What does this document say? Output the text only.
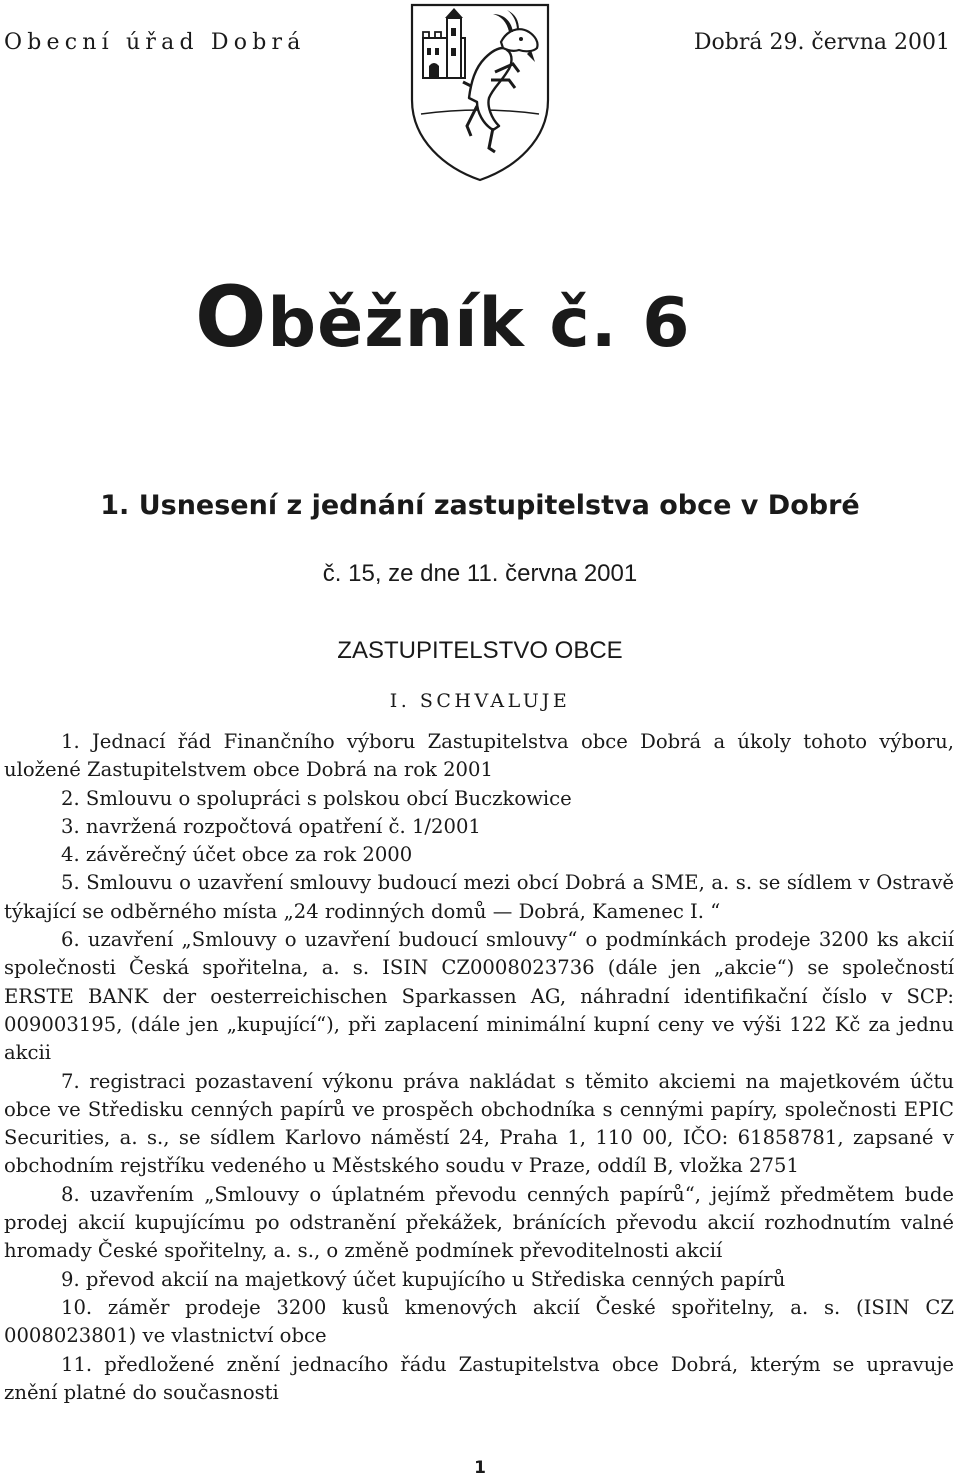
Obecní úřad Dobrá	Dobrá 29. června 2001
Oběžník č. 6
1. Usnesení z jednání zastupitelstva obce v Dobré
č. 15, ze dne 11. června 2001
ZASTUPITELSTVO OBCE
I. SCHVALUJE

1. Jednací řád Finančního výboru Zastupitelstva obce Dobrá a úkoly tohoto výboru, uložené Zastupitelstvem obce Dobrá na rok 2001

2. Smlouvu o spolupráci s polskou obcí Buczkowice

3. navržená rozpočtová opatření č. 1/2001

4. závěrečný účet obce za rok 2000

5. Smlouvu o uzavření smlouvy budoucí mezi obcí Dobrá a SME, a. s. se sídlem v Ostravě týkající se odběrného místa „24 rodinných domů — Dobrá, Kamenec I. “

6. uzavření „Smlouvy o uzavření budoucí smlouvy“ o podmínkách prodeje 3200 ks akcií společnosti Česká spořitelna, a. s. ISIN CZ0008023736 (dále jen „akcie“) se společností ERSTE BANK der oesterreichischen Sparkassen AG, náhradní identifikační číslo v SCP: 009003195, (dále jen „kupující“), při zaplacení minimální kupní ceny ve výši 122 Kč za jednu akcii

7. registraci pozastavení výkonu práva nakládat s těmito akciemi na majetkovém účtu obce ve Středisku cenných papírů ve prospěch obchodníka s cennými papíry, společnosti EPIC Securities, a. s., se sídlem Karlovo náměstí 24, Praha 1, 110 00, IČO: 61858781, zapsané v obchodním rejstříku vedeného u Městského soudu v Praze, oddíl B, vložka 2751

8. uzavřením „Smlouvy o úplatném převodu cenných papírů“, jejímž předmětem bude prodej akcií kupujícímu po odstranění překážek, bránících převodu akcií rozhodnutím valné hromady České spořitelny, a. s., o změně podmínek převoditelnosti akcií

9. převod akcií na majetkový účet kupujícího u Střediska cenných papírů

10. záměr prodeje 3200 kusů kmenových akcií České spořitelny, a. s. (ISIN CZ 0008023801) ve vlastnictví obce

11. předložené znění jednacího řádu Zastupitelstva obce Dobrá, kterým se upravuje znění platné do současnosti

1
